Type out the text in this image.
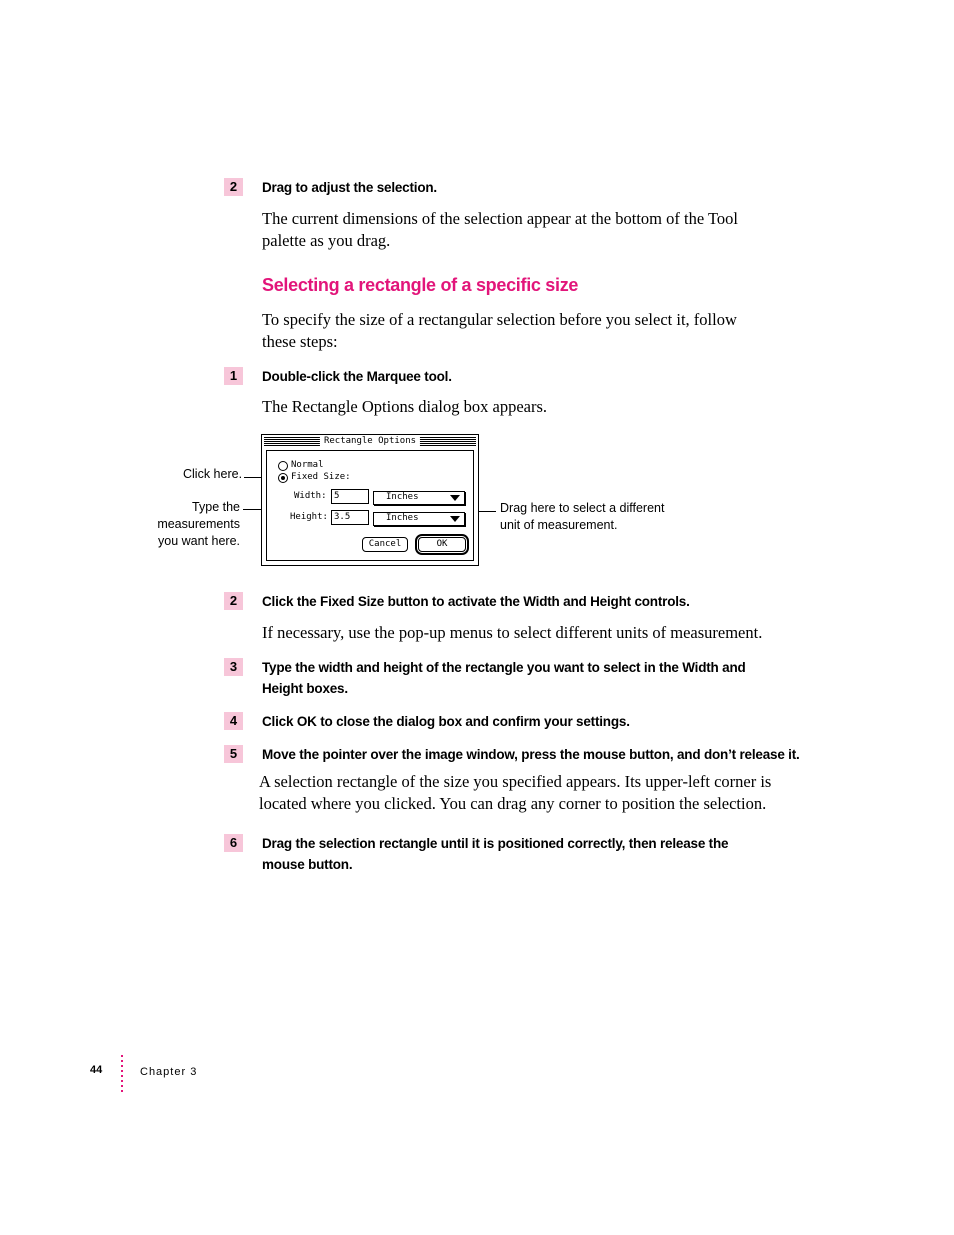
2	Drag to adjust the selection.
The current dimensions of the selection appear at the bottom of the Tool
palette as you drag.
Selecting a rectangle of a specific size
To specify the size of a rectangular selection before you select it, follow
these steps:
1	Double-click the Marquee tool.
The Rectangle Options dialog box appears.
Click here.
Type the
measurements
you want here.
Drag here to select a different
unit of measurement.
Rectangle Options
Normal
Fixed Size:
Width: 5	Inches
Height: 3.5	Inches
Cancel	OK
2	Click the Fixed Size button to activate the Width and Height controls.
If necessary, use the pop-up menus to select different units of measurement.
3	Type the width and height of the rectangle you want to select in the Width and
Height boxes.
4	Click OK to close the dialog box and confirm your settings.
5	Move the pointer over the image window, press the mouse button, and don’t release it.
A selection rectangle of the size you specified appears. Its upper-left corner is
located where you clicked. You can drag any corner to position the selection.
6	Drag the selection rectangle until it is positioned correctly, then release the
mouse button.
44	Chapter 3
